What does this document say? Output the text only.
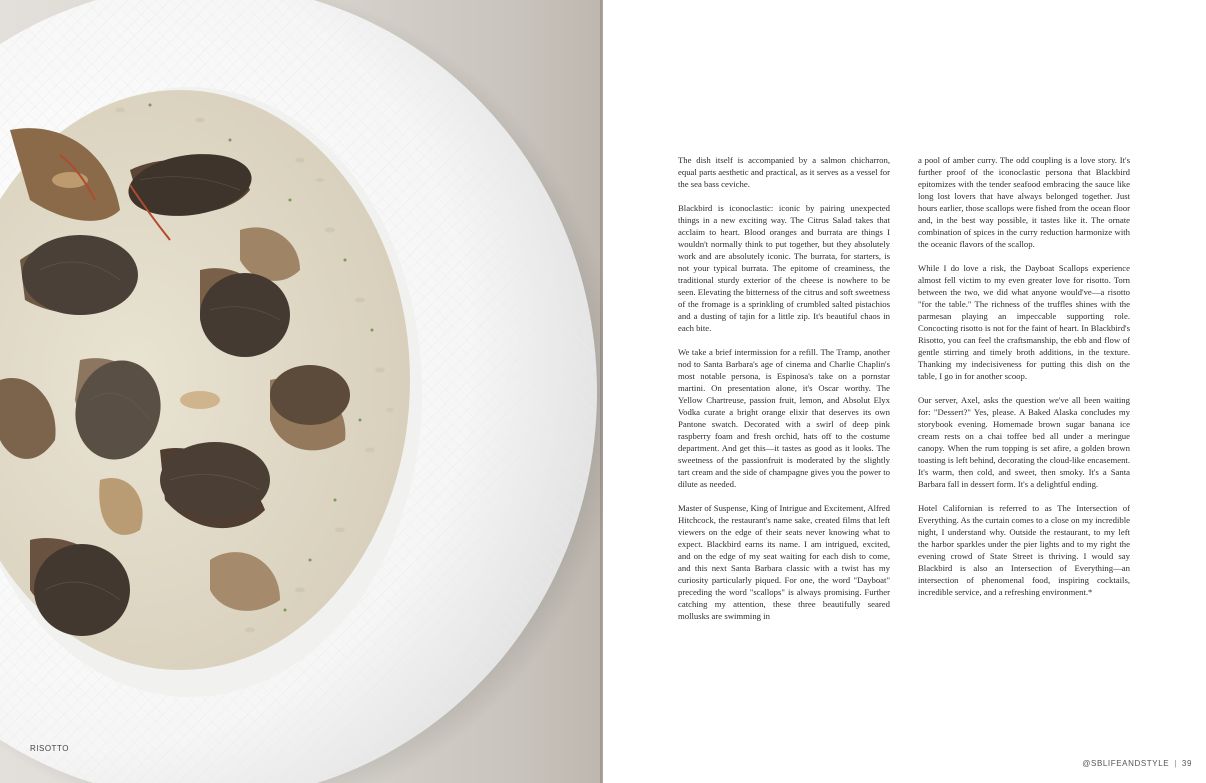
RISOTTO

The dish itself is accompanied by a salmon chicharron, equal parts aesthetic and practical, as it serves as a vessel for the sea bass ceviche.

Blackbird is iconoclastic: iconic by pairing unexpected things in a new exciting way. The Citrus Salad takes that acclaim to heart. Blood oranges and burrata are things I wouldn't normally think to put together, but they absolutely work and are absolutely iconic. The burrata, for starters, is not your typical burrata. The epitome of creaminess, the traditional sturdy exterior of the cheese is nowhere to be seen. Elevating the bitterness of the citrus and soft sweetness of the fromage is a sprinkling of crumbled salted pistachios and a dusting of tajin for a little zip. It's beautiful chaos in each bite.

We take a brief intermission for a refill. The Tramp, another nod to Santa Barbara's age of cinema and Charlie Chaplin's most notable persona, is Espinosa's take on a pornstar martini. On presentation alone, it's Oscar worthy. The Yellow Chartreuse, passion fruit, lemon, and Absolut Elyx Vodka curate a bright orange elixir that deserves its own Pantone swatch. Decorated with a swirl of deep pink raspberry foam and fresh orchid, hats off to the costume department. And get this—it tastes as good as it looks. The sweetness of the passionfruit is moderated by the slightly tart cream and the side of champagne gives you the power to dilute as needed.

Master of Suspense, King of Intrigue and Excitement, Alfred Hitchcock, the restaurant's name sake, created films that left viewers on the edge of their seats never knowing what to expect. Blackbird earns its name. I am intrigued, excited, and on the edge of my seat waiting for each dish to come, and this next Santa Barbara classic with a twist has my curiosity particularly piqued. For one, the word "Dayboat" preceding the word "scallops" is always promising. Further catching my attention, these three beautifully seared mollusks are swimming in

a pool of amber curry. The odd coupling is a love story. It's further proof of the iconoclastic persona that Blackbird epitomizes with the tender seafood embracing the sauce like long lost lovers that have always belonged together. Just hours earlier, those scallops were fished from the ocean floor and, in the best way possible, it tastes like it. The ornate combination of spices in the curry reduction harmonize with the oceanic flavors of the scallop.

While I do love a risk, the Dayboat Scallops experience almost fell victim to my even greater love for risotto. Torn between the two, we did what anyone would've—a risotto "for the table." The richness of the truffles shines with the parmesan playing an impeccable supporting role. Concocting risotto is not for the faint of heart. In Blackbird's Risotto, you can feel the craftsmanship, the ebb and flow of gentle stirring and timely broth additions, in the texture. Thanking my indecisiveness for putting this dish on the table, I go in for another scoop.

Our server, Axel, asks the question we've all been waiting for: "Dessert?" Yes, please. A Baked Alaska concludes my storybook evening. Homemade brown sugar banana ice cream rests on a chai toffee bed all under a meringue canopy. When the rum topping is set afire, a golden brown toasting is left behind, decorating the cloud-like encasement. It's warm, then cold, and sweet, then smoky. It's a Santa Barbara fall in dessert form. It's a delightful ending.

Hotel Californian is referred to as The Intersection of Everything. As the curtain comes to a close on my incredible night, I understand why. Outside the restaurant, to my left the harbor sparkles under the pier lights and to my right the evening crowd of State Street is thriving. I would say Blackbird is also an Intersection of Everything—an intersection of phenomenal food, inspiring cocktails, incredible service, and a refreshing environment.*

@SBLIFEANDSTYLE | 39
